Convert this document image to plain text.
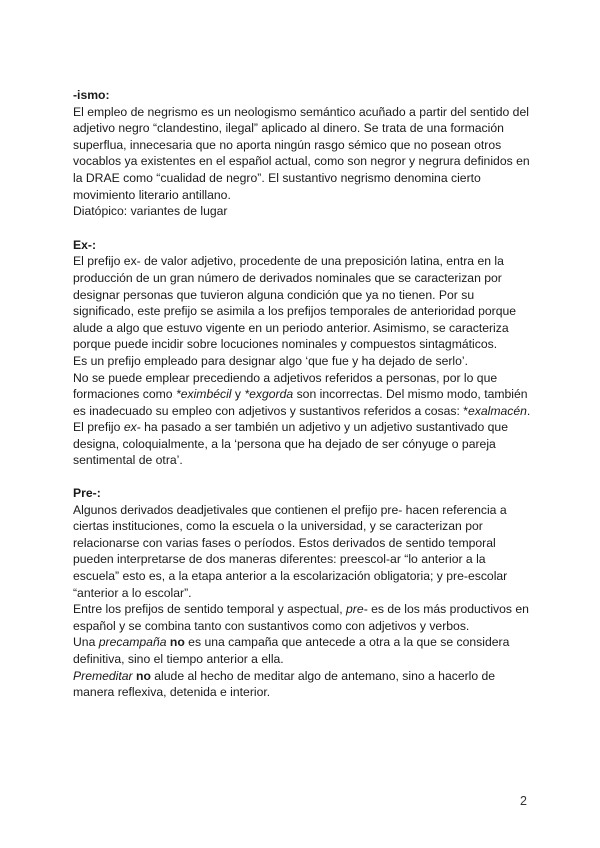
-ismo:

El empleo de negrismo es un neologismo semántico acuñado a partir del sentido del adjetivo negro “clandestino, ilegal” aplicado al dinero. Se trata de una formación superflua, innecesaria que no aporta ningún rasgo sémico que no posean otros vocablos ya existentes en el español actual, como son negror y negrura definidos en la DRAE como “cualidad de negro”. El sustantivo negrismo denomina cierto movimiento literario antillano.

Diatópico: variantes de lugar

Ex-:

El prefijo ex- de valor adjetivo, procedente de una preposición latina, entra en la producción de un gran número de derivados nominales que se caracterizan por designar personas que tuvieron alguna condición que ya no tienen. Por su significado, este prefijo se asimila a los prefijos temporales de anterioridad porque alude a algo que estuvo vigente en un periodo anterior. Asimismo, se caracteriza porque puede incidir sobre locuciones nominales y compuestos sintagmáticos.

Es un prefijo empleado para designar algo ‘que fue y ha dejado de serlo’.

No se puede emplear precediendo a adjetivos referidos a personas, por lo que formaciones como *eximbécil y *exgorda son incorrectas. Del mismo modo, también es inadecuado su empleo con adjetivos y sustantivos referidos a cosas: *exalmacén.

El prefijo ex- ha pasado a ser también un adjetivo y un adjetivo sustantivado que designa, coloquialmente, a la ‘persona que ha dejado de ser cónyuge o pareja sentimental de otra’.

Pre-:

Algunos derivados deadjetivales que contienen el prefijo pre- hacen referencia a ciertas instituciones, como la escuela o la universidad, y se caracterizan por relacionarse con varias fases o períodos. Estos derivados de sentido temporal pueden interpretarse de dos maneras diferentes: preescol-ar “lo anterior a la escuela” esto es, a la etapa anterior a la escolarización obligatoria; y pre-escolar “anterior a lo escolar”.

Entre los prefijos de sentido temporal y aspectual, pre- es de los más productivos en español y se combina tanto con sustantivos como con adjetivos y verbos.

Una precampaña no es una campaña que antecede a otra a la que se considera definitiva, sino el tiempo anterior a ella.

Premeditar no alude al hecho de meditar algo de antemano, sino a hacerlo de manera reflexiva, detenida e interior.

2
